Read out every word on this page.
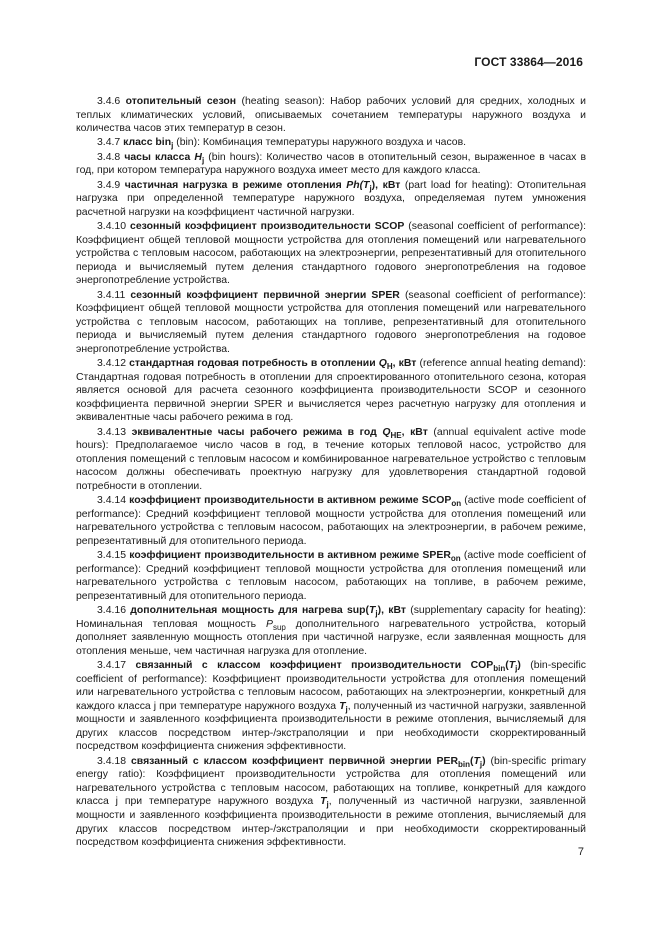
ГОСТ 33864—2016

3.4.6 отопительный сезон (heating season): Набор рабочих условий для средних, холодных и теплых климатических условий, описываемых сочетанием температуры наружного воздуха и количества часов этих температур в сезон.

3.4.7 класс bin$_j$ (bin): Комбинация температуры наружного воздуха и часов.

3.4.8 часы класса $H_j$ (bin hours): Количество часов в отопительный сезон, выраженное в часах в год, при котором температура наружного воздуха имеет место для каждого класса.

3.4.9 частичная нагрузка в режиме отопления $Ph(T_j)$, кВт (part load for heating): Отопительная нагрузка при определенной температуре наружного воздуха, определяемая путем умножения расчетной нагрузки на коэффициент частичной нагрузки.

3.4.10 сезонный коэффициент производительности SCOP (seasonal coefficient of performance): Коэффициент общей тепловой мощности устройства для отопления помещений или нагревательного устройства с тепловым насосом, работающих на электроэнергии, репрезентативный для отопительного периода и вычисляемый путем деления стандартного годового энергопотребления на годовое энергопотребление устройства.

3.4.11 сезонный коэффициент первичной энергии SPER (seasonal coefficient of performance): Коэффициент общей тепловой мощности устройства для отопления помещений или нагревательного устройства с тепловым насосом, работающих на топливе, репрезентативный для отопительного периода и вычисляемый путем деления стандартного годового энергопотребления на годовое энергопотребление устройства.

3.4.12 стандартная годовая потребность в отоплении $Q_H$, кВт (reference annual heating demand): Стандартная годовая потребность в отоплении для спроектированного отопительного сезона, которая является основой для расчета сезонного коэффициента производительности SCOP и сезонного коэффициента первичной энергии SPER и вычисляется через расчетную нагрузку для отопления и эквивалентные часы рабочего режима в год.

3.4.13 эквивалентные часы рабочего режима в год $Q_{HE}$, кВт (annual equivalent active mode hours): Предполагаемое число часов в год, в течение которых тепловой насос, устройство для отопления помещений с тепловым насосом и комбинированное нагревательное устройство с тепловым насосом должны обеспечивать проектную нагрузку для удовлетворения стандартной годовой потребности в отоплении.

3.4.14 коэффициент производительности в активном режиме $SCOP_{on}$ (active mode coefficient of performance): Средний коэффициент тепловой мощности устройства для отопления помещений или нагревательного устройства с тепловым насосом, работающих на электроэнергии, в рабочем режиме, репрезентативный для отопительного периода.

3.4.15 коэффициент производительности в активном режиме $SPER_{on}$ (active mode coefficient of performance): Средний коэффициент тепловой мощности устройства для отопления помещений или нагревательного устройства с тепловым насосом, работающих на топливе, в рабочем режиме, репрезентативный для отопительного периода.

3.4.16 дополнительная мощность для нагрева $sup(T_j)$, кВт (supplementary capacity for heating): Номинальная тепловая мощность $P_{sup}$ дополнительного нагревательного устройства, который дополняет заявленную мощность отопления при частичной нагрузке, если заявленная мощность для отопления меньше, чем частичная нагрузка для отопление.

3.4.17 связанный с классом коэффициент производительности $COP_{bin}(T_j)$ (bin-specific coefficient of performance): Коэффициент производительности устройства для отопления помещений или нагревательного устройства с тепловым насосом, работающих на электроэнергии, конкретный для каждого класса j при температуре наружного воздуха $T_j$, полученный из частичной нагрузки, заявленной мощности и заявленного коэффициента производительности в режиме отопления, вычисляемый для других классов посредством интер-/экстраполяции и при необходимости скорректированный посредством коэффициента снижения эффективности.

3.4.18 связанный с классом коэффициент первичной энергии $PER_{bin}(T_j)$ (bin-specific primary energy ratio): Коэффициент производительности устройства для отопления помещений или нагревательного устройства с тепловым насосом, работающих на топливе, конкретный для каждого класса j при температуре наружного воздуха $T_j$, полученный из частичной нагрузки, заявленной мощности и заявленного коэффициента производительности в режиме отопления, вычисляемый для других классов посредством интер-/экстраполяции и при необходимости скорректированный посредством коэффициента снижения эффективности.

7
